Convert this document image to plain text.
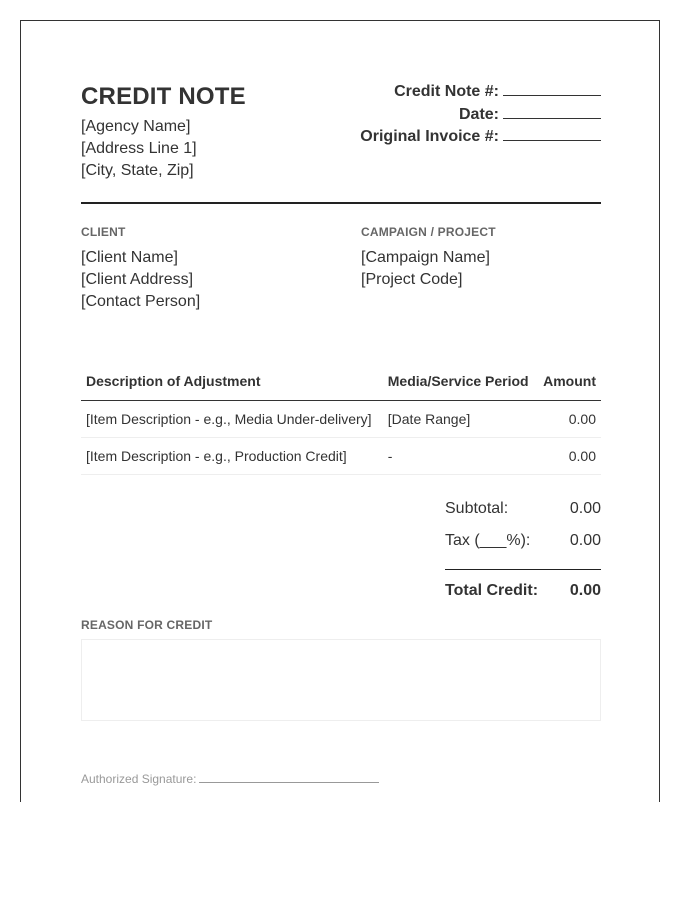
CREDIT NOTE
[Agency Name]
[Address Line 1]
[City, State, Zip]
Credit Note #:
Date:
Original Invoice #:
CLIENT
[Client Name]
[Client Address]
[Contact Person]
CAMPAIGN / PROJECT
[Campaign Name]
[Project Code]
Description of Adjustment	Media/Service Period	Amount
[Item Description - e.g., Media Under-delivery]	[Date Range]	0.00
[Item Description - e.g., Production Credit]	-	0.00
Subtotal:	0.00
Tax (___%): 0.00
Total Credit: 0.00
REASON FOR CREDIT
Authorized Signature:
